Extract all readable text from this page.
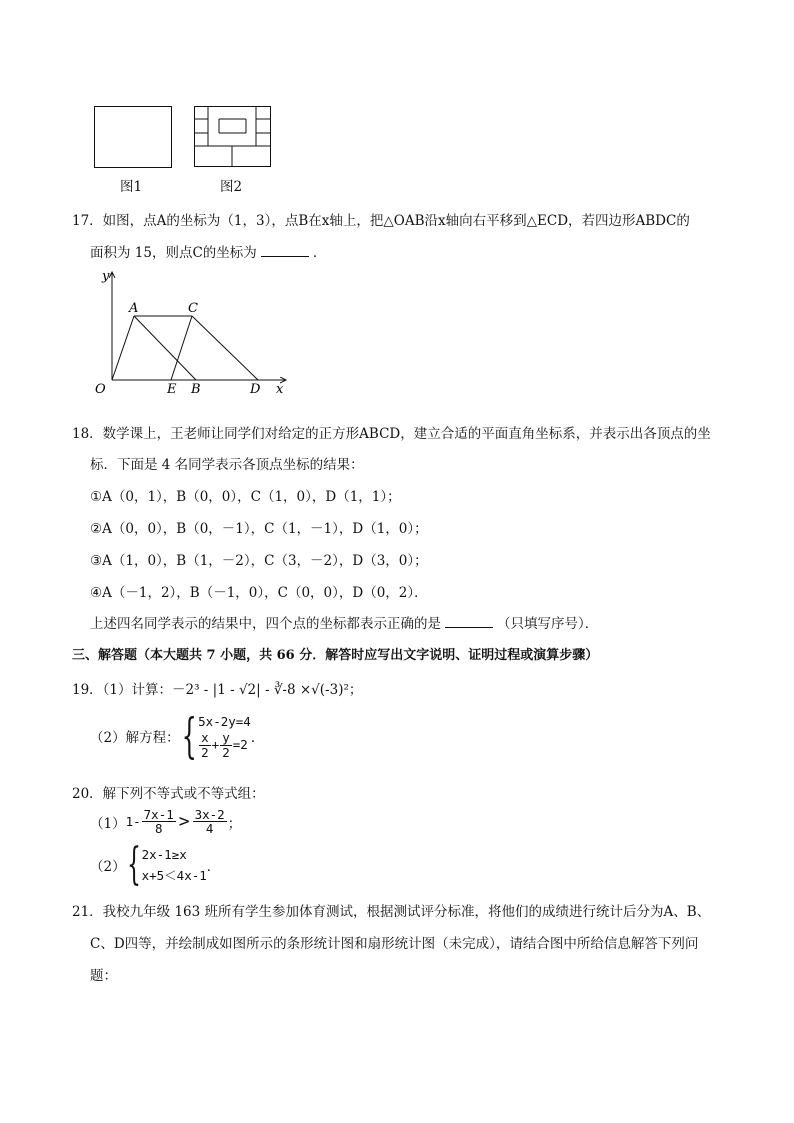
图1	图2
17．如图，点A的坐标为（1，3），点B在x轴上，把△OAB沿x轴向右平移到△ECD，若四边形ABDC的
面积为 15，则点C的坐标为	．
y
A	C
O	E B	D x
18．数学课上，王老师让同学们对给定的正方形ABCD，建立合适的平面直角坐标系，并表示出各顶点的坐
标．下面是 4 名同学表示各顶点坐标的结果：
①A（0，1），B（0，0），C（1，0），D（1，1）；
②A（0，0），B（0，－1），C（1，－1），D（1，0）；
③A（1，0），B（1，－2），C（3，－2），D（3，0）；
④A（－1，2），B（－1，0），C（0，0），D（0，2）．
上述四名同学表示的结果中，四个点的坐标都表示正确的是	（只填写序号）．
三、解答题（本大题共 7 小题，共 66 分．解答时应写出文字说明、证明过程或演算步骤）
19．（1）计算：－2³ - |1 - √2| - ∛-8 ×√(-3)²；
（2）解方程： { 5x-2y=4
$\frac{x}{2} + \frac{y}{2} =2$ ．
20．解下列不等式或不等式组：
（1） $1- \frac{7x-1}{8} > \frac{3x-2}{4}$ ；
（2） { 2x-1≥x
x+5＜4x-1
．
21．我校九年级 163 班所有学生参加体育测试，根据测试评分标准，将他们的成绩进行统计后分为A、B、
C、D四等，并绘制成如图所示的条形统计图和扇形统计图（未完成），请结合图中所给信息解答下列问
题：
